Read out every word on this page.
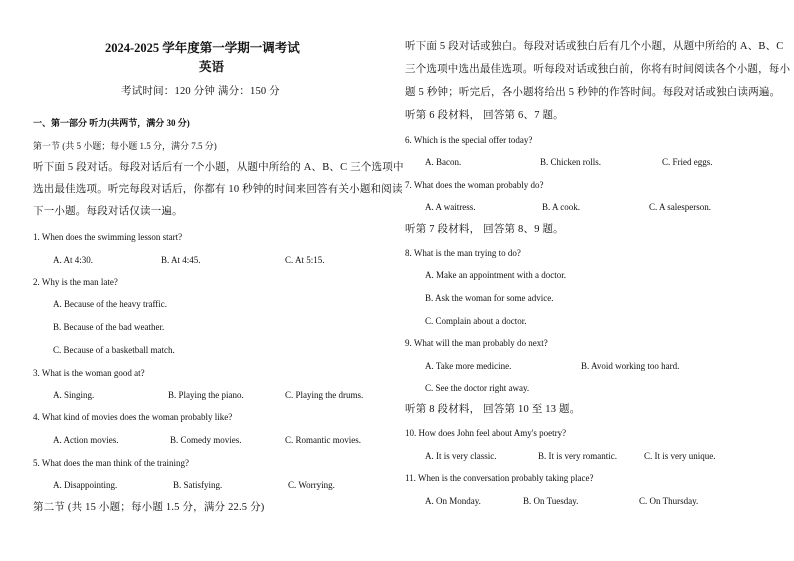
2024-2025 学年度第一学期一调考试
英语
考试时间：120 分钟 满分：150 分
一、第一部分 听力(共两节，满分 30 分)
第一节 (共 5 小题；每小题 1.5 分，满分 7.5 分)
听下面 5 段对话。每段对话后有一个小题，从题中所给的 A、B、C 三个选项中
选出最佳选项。听完每段对话后，你都有 10 秒钟的时间来回答有关小题和阅读
下一小题。每段对话仅读一遍。
1. When does the swimming lesson start?
A. At 4:30.	B. At 4:45.	C. At 5:15.
2. Why is the man late?
A. Because of the heavy traffic.
B. Because of the bad weather.
C. Because of a basketball match.
3. What is the woman good at?
A. Singing.	B. Playing the piano.	C. Playing the drums.
4. What kind of movies does the woman probably like?
A. Action movies.	B. Comedy movies.	C. Romantic movies.
5. What does the man think of the training?
A. Disappointing.	B. Satisfying.	C. Worrying.
第二节 (共 15 小题；每小题 1.5 分，满分 22.5 分)
听下面 5 段对话或独白。每段对话或独白后有几个小题，从题中所给的 A、B、C
三个选项中选出最佳选项。听每段对话或独白前，你将有时间阅读各个小题，每小
题 5 秒钟；听完后，各小题将给出 5 秒钟的作答时间。每段对话或独白读两遍。
听第 6 段材料， 回答第 6、7 题。
6. Which is the special offer today?
A. Bacon.	B. Chicken rolls.	C. Fried eggs.
7. What does the woman probably do?
A. A waitress.	B. A cook.	C. A salesperson.
听第 7 段材料， 回答第 8、9 题。
8. What is the man trying to do?
A. Make an appointment with a doctor.
B. Ask the woman for some advice.
C. Complain about a doctor.
9. What will the man probably do next?
A. Take more medicine.	B. Avoid working too hard.
C. See the doctor right away.
听第 8 段材料， 回答第 10 至 13 题。
10. How does John feel about Amy's poetry?
A. It is very classic.	B. It is very romantic.	C. It is very unique.
11. When is the conversation probably taking place?
A. On Monday.	B. On Tuesday.	C. On Thursday.
